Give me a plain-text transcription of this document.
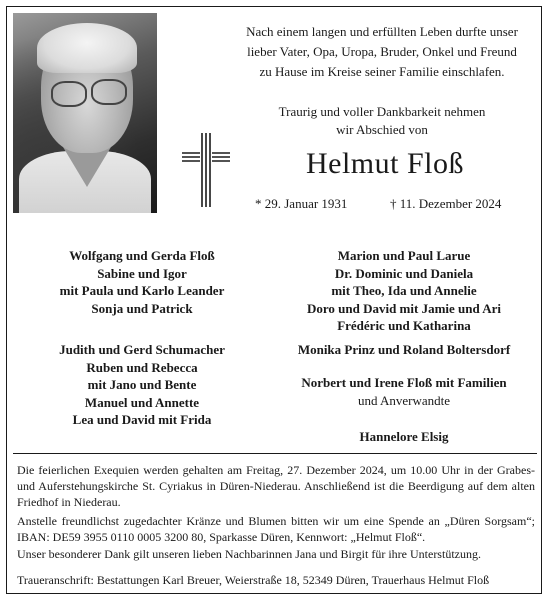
Nach einem langen und erfüllten Leben durfte unser
lieber Vater, Opa, Uropa, Bruder, Onkel und Freund
zu Hause im Kreise seiner Familie einschlafen.
Traurig und voller Dankbarkeit nehmen
wir Abschied von
Helmut Floß
* 29. Januar 1931	† 11. Dezember 2024
Wolfgang und Gerda Floß
Sabine und Igor
mit Paula und Karlo Leander
Sonja und Patrick
Judith und Gerd Schumacher
Ruben und Rebecca
mit Jano und Bente
Manuel und Annette
Lea und David mit Frida
Marion und Paul Larue
Dr. Dominic und Daniela
mit Theo, Ida und Annelie
Doro und David mit Jamie und Ari
Frédéric und Katharina
Monika Prinz und Roland Boltersdorf
Norbert und Irene Floß mit Familien
und Anverwandte
Hannelore Elsig
Die feierlichen Exequien werden gehalten am Freitag, 27. Dezember 2024, um 10.00 Uhr in der Grabes- und Auferstehungskirche St. Cyriakus in Düren-Niederau. Anschließend ist die Beerdigung auf dem alten Friedhof in Niederau.
Anstelle freundlichst zugedachter Kränze und Blumen bitten wir um eine Spende an „Düren Sorgsam“; IBAN: DE59 3955 0110 0005 3200 80, Sparkasse Düren, Kennwort: „Helmut Floß“.
Unser besonderer Dank gilt unseren lieben Nachbarinnen Jana und Birgit für ihre Unterstützung.
Traueranschrift: Bestattungen Karl Breuer, Weierstraße 18, 52349 Düren, Trauerhaus Helmut Floß
